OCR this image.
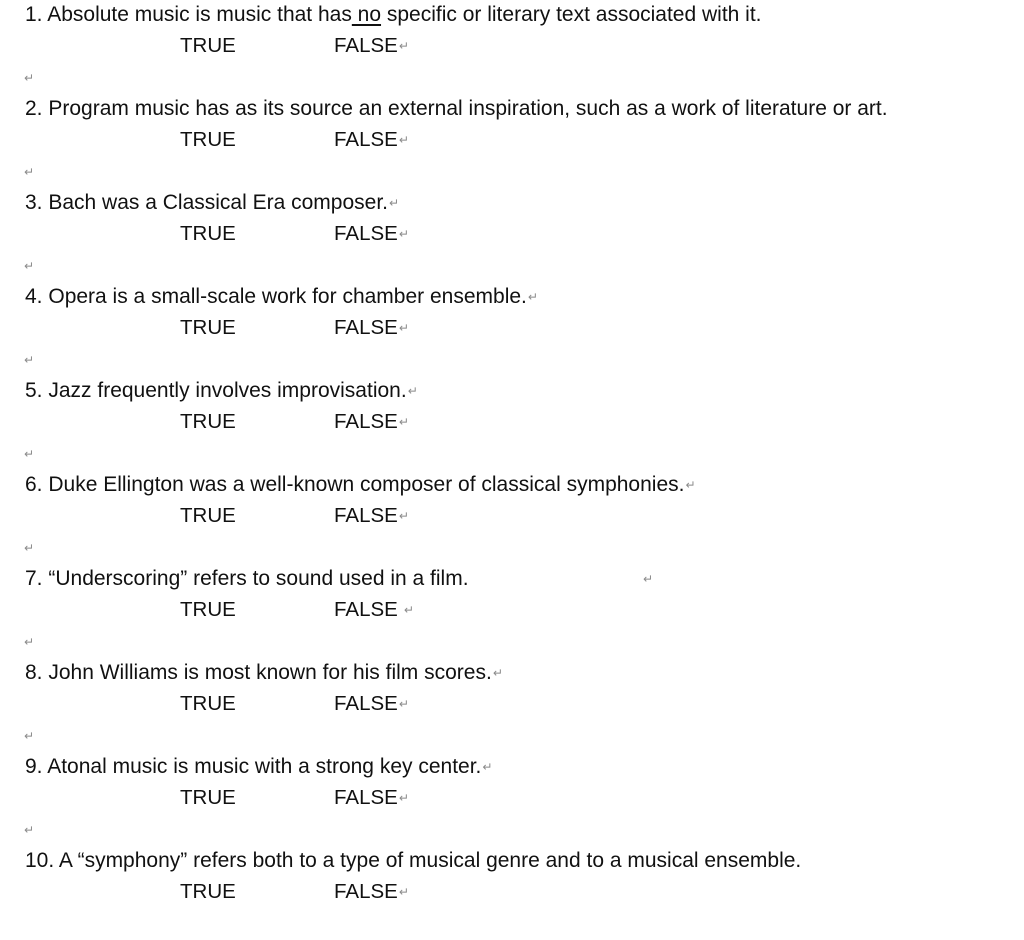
1. Absolute music is music that has no specific or literary text associated with it.
TRUE	FALSE↵
↵
2. Program music has as its source an external inspiration, such as a work of literature or art.
TRUE	FALSE↵
↵
3. Bach was a Classical Era composer.↵
TRUE	FALSE↵
↵
4. Opera is a small-scale work for chamber ensemble.↵
TRUE	FALSE↵
↵
5. Jazz frequently involves improvisation.↵
TRUE	FALSE↵
↵
6. Duke Ellington was a well-known composer of classical symphonies.↵
TRUE	FALSE↵
↵
7. “Underscoring” refers to sound used in a film.	↵
TRUE	FALSE ↵
↵
8. John Williams is most known for his film scores.↵
TRUE	FALSE↵
↵
9. Atonal music is music with a strong key center.↵
TRUE	FALSE↵
↵
10. A “symphony” refers both to a type of musical genre and to a musical ensemble.
TRUE	FALSE↵
